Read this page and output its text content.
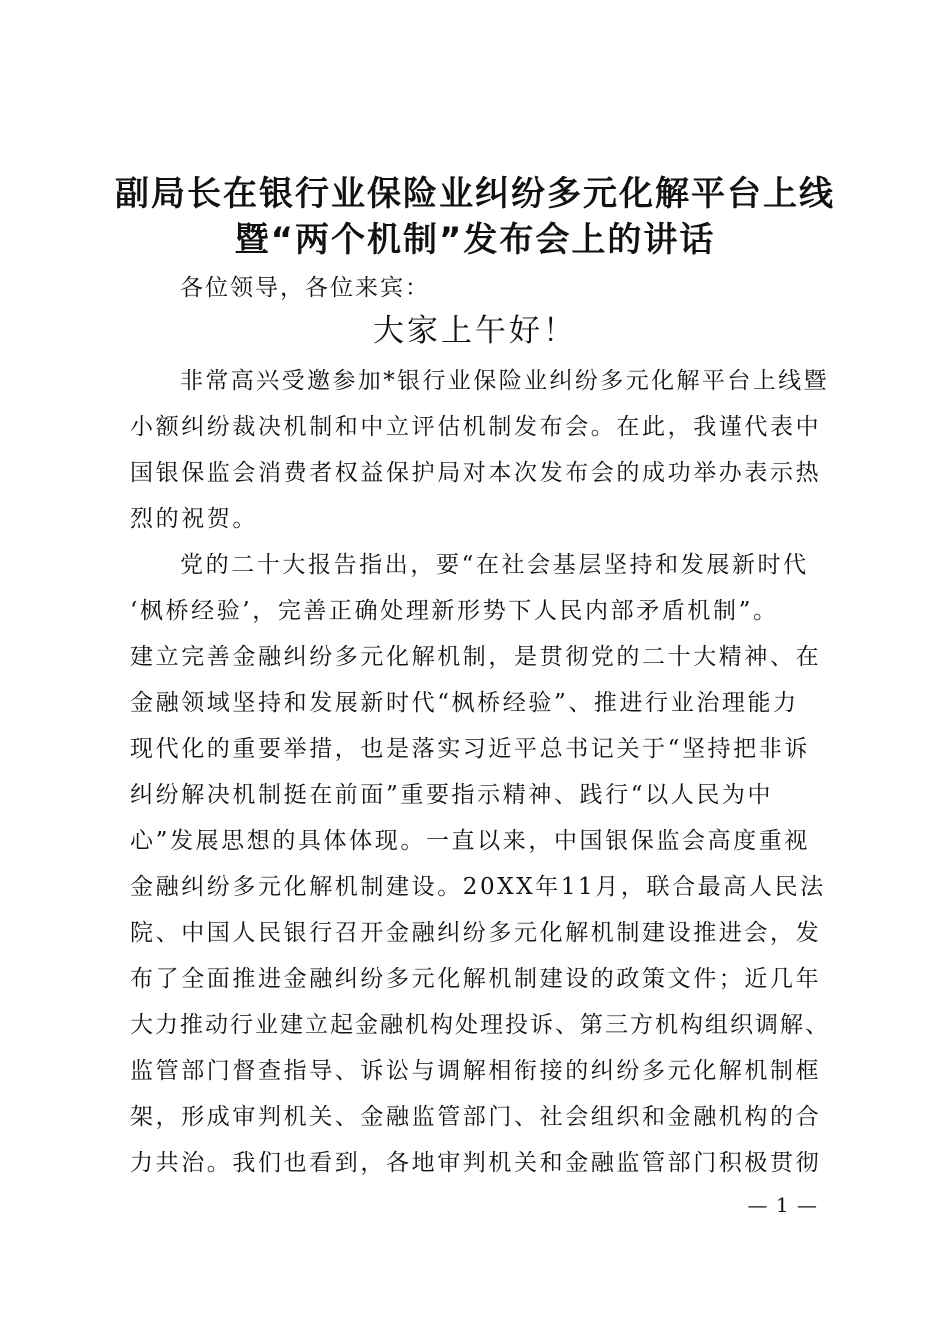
副局长在银行业保险业纠纷多元化解平台上线
暨“两个机制”发布会上的讲话
各位领导，各位来宾：
大家上午好！
非常高兴受邀参加*银行业保险业纠纷多元化解平台上线暨
小额纠纷裁决机制和中立评估机制发布会。在此，我谨代表中
国银保监会消费者权益保护局对本次发布会的成功举办表示热
烈的祝贺。
党的二十大报告指出，要“在社会基层坚持和发展新时代
‘枫桥经验’，完善正确处理新形势下人民内部矛盾机制”。
建立完善金融纠纷多元化解机制，是贯彻党的二十大精神、在
金融领域坚持和发展新时代“枫桥经验”、推进行业治理能力
现代化的重要举措，也是落实习近平总书记关于“坚持把非诉
纠纷解决机制挺在前面”重要指示精神、践行“以人民为中
心”发展思想的具体体现。一直以来，中国银保监会高度重视
金融纠纷多元化解机制建设。20XX年11月，联合最高人民法
院、中国人民银行召开金融纠纷多元化解机制建设推进会，发
布了全面推进金融纠纷多元化解机制建设的政策文件；近几年
大力推动行业建立起金融机构处理投诉、第三方机构组织调解、
监管部门督查指导、诉讼与调解相衔接的纠纷多元化解机制框
架，形成审判机关、金融监管部门、社会组织和金融机构的合
力共治。我们也看到，各地审判机关和金融监管部门积极贯彻
— 1 —
